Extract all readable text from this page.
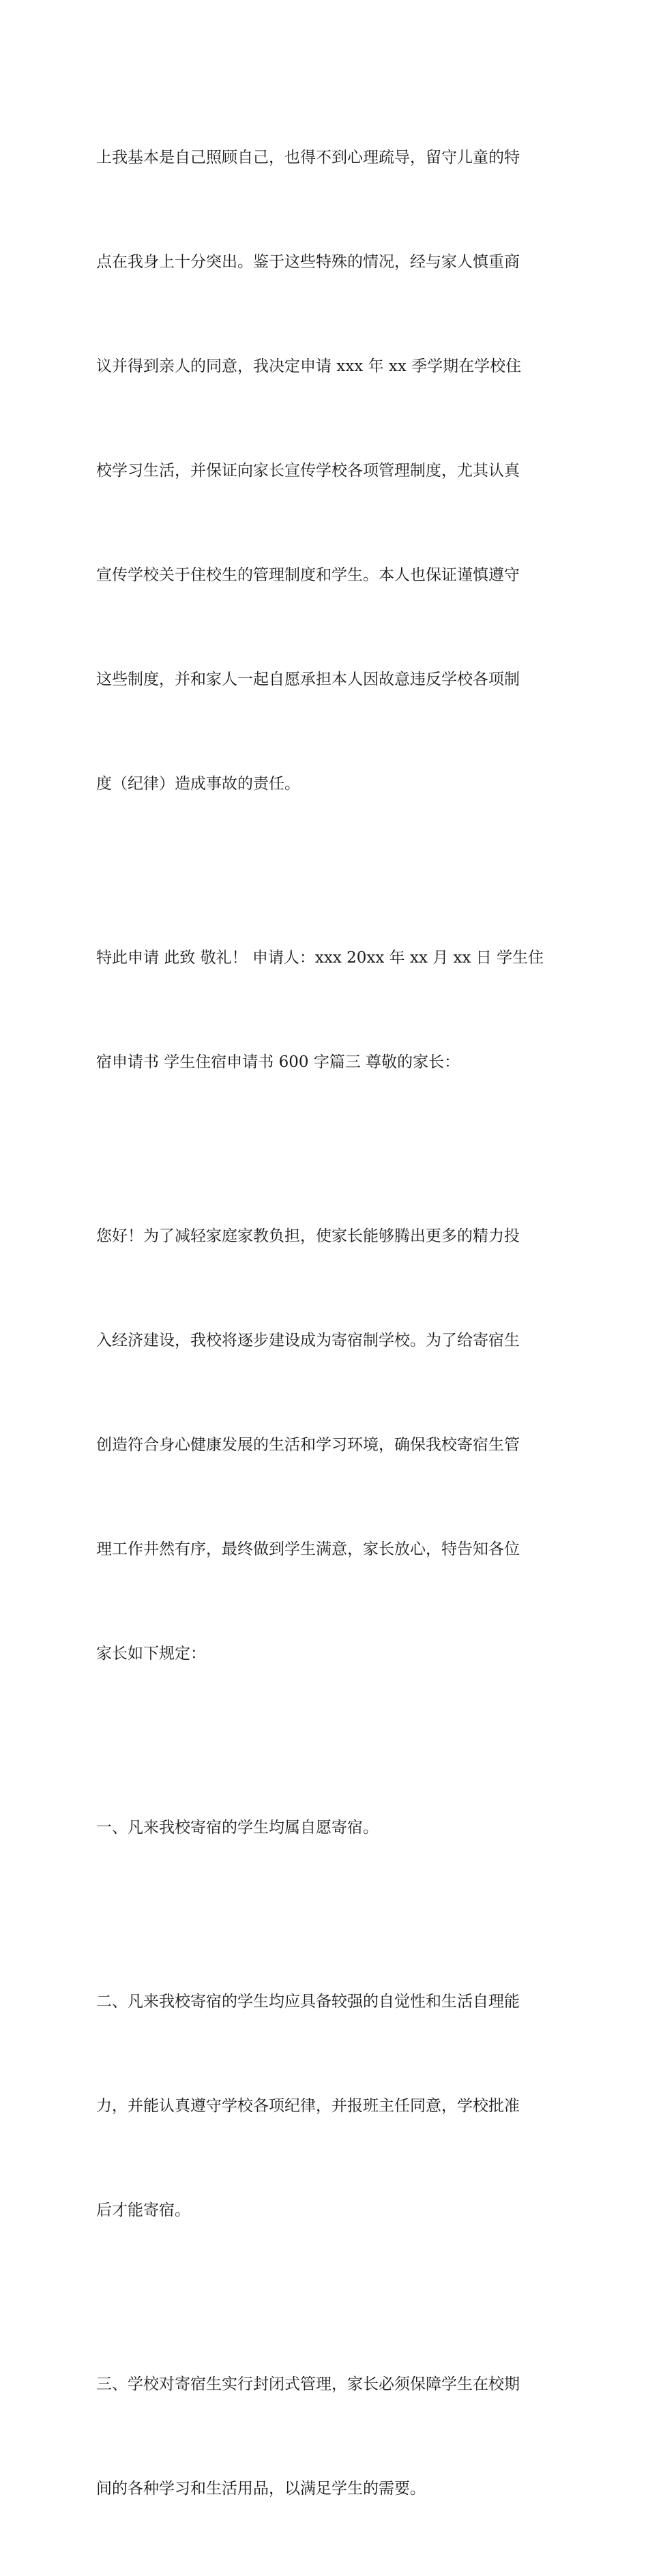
上我基本是自己照顾自己，也得不到心理疏导，留守儿童的特

点在我身上十分突出。鉴于这些特殊的情况，经与家人慎重商

议并得到亲人的同意，我决定申请 xxx 年 xx 季学期在学校住

校学习生活，并保证向家长宣传学校各项管理制度，尤其认真

宣传学校关于住校生的管理制度和学生。本人也保证谨慎遵守

这些制度，并和家人一起自愿承担本人因故意违反学校各项制

度（纪律）造成事故的责任。

特此申请 此致 敬礼！ 申请人：xxx 20xx 年 xx 月 xx 日 学生住

宿申请书 学生住宿申请书 600 字篇三 尊敬的家长：

您好！为了减轻家庭家教负担，使家长能够腾出更多的精力投

入经济建设，我校将逐步建设成为寄宿制学校。为了给寄宿生

创造符合身心健康发展的生活和学习环境，确保我校寄宿生管

理工作井然有序，最终做到学生满意，家长放心，特告知各位

家长如下规定：

一、凡来我校寄宿的学生均属自愿寄宿。

二、凡来我校寄宿的学生均应具备较强的自觉性和生活自理能

力，并能认真遵守学校各项纪律，并报班主任同意，学校批准

后才能寄宿。

三、学校对寄宿生实行封闭式管理，家长必须保障学生在校期

间的各种学习和生活用品，以满足学生的需要。
